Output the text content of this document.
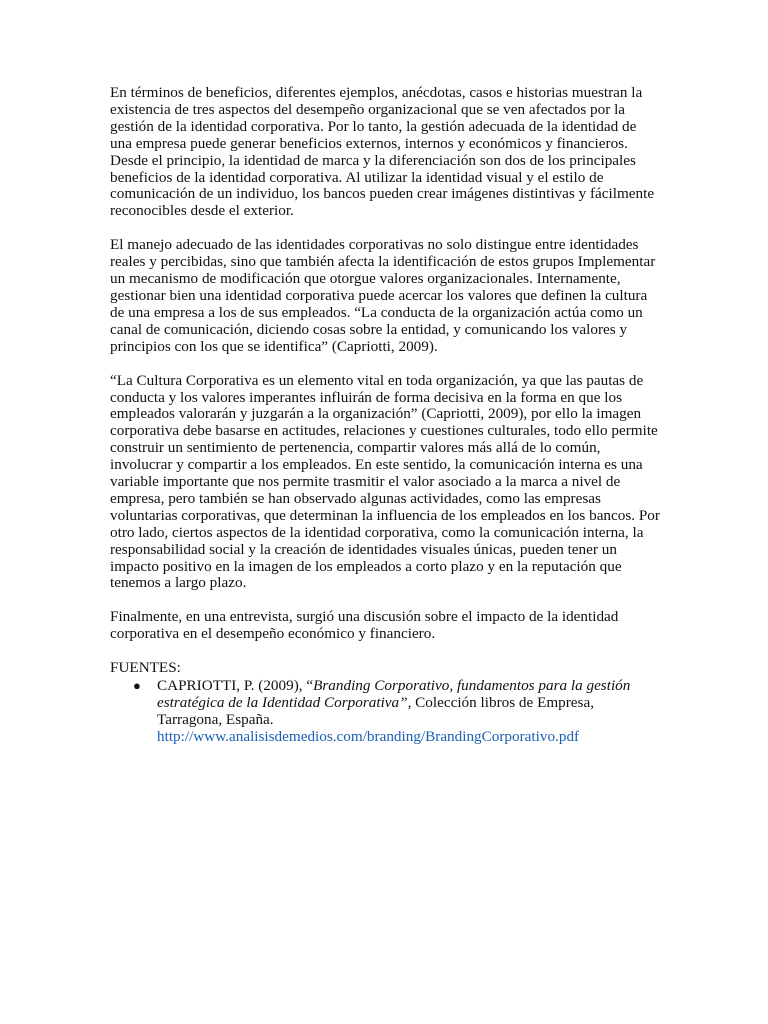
En términos de beneficios, diferentes ejemplos, anécdotas, casos e historias muestran la existencia de tres aspectos del desempeño organizacional que se ven afectados por la gestión de la identidad corporativa. Por lo tanto, la gestión adecuada de la identidad de una empresa puede generar beneficios externos, internos y económicos y financieros. Desde el principio, la identidad de marca y la diferenciación son dos de los principales beneficios de la identidad corporativa. Al utilizar la identidad visual y el estilo de comunicación de un individuo, los bancos pueden crear imágenes distintivas y fácilmente reconocibles desde el exterior.

El manejo adecuado de las identidades corporativas no solo distingue entre identidades reales y percibidas, sino que también afecta la identificación de estos grupos Implementar un mecanismo de modificación que otorgue valores organizacionales. Internamente, gestionar bien una identidad corporativa puede acercar los valores que definen la cultura de una empresa a los de sus empleados. “La conducta de la organización actúa como un canal de comunicación, diciendo cosas sobre la entidad, y comunicando los valores y principios con los que se identifica” (Capriotti, 2009).

“La Cultura Corporativa es un elemento vital en toda organización, ya que las pautas de conducta y los valores imperantes influirán de forma decisiva en la forma en que los empleados valorarán y juzgarán a la organización” (Capriotti, 2009), por ello la imagen corporativa debe basarse en actitudes, relaciones y cuestiones culturales, todo ello permite construir un sentimiento de pertenencia, compartir valores más allá de lo común, involucrar y compartir a los empleados. En este sentido, la comunicación interna es una variable importante que nos permite trasmitir el valor asociado a la marca a nivel de empresa, pero también se han observado algunas actividades, como las empresas voluntarias corporativas, que determinan la influencia de los empleados en los bancos. Por otro lado, ciertos aspectos de la identidad corporativa, como la comunicación interna, la responsabilidad social y la creación de identidades visuales únicas, pueden tener un impacto positivo en la imagen de los empleados a corto plazo y en la reputación que tenemos a largo plazo.

Finalmente, en una entrevista, surgió una discusión sobre el impacto de la identidad corporativa en el desempeño económico y financiero.

FUENTES:
● CAPRIOTTI, P. (2009), “Branding Corporativo, fundamentos para la gestión estratégica de la Identidad Corporativa”, Colección libros de Empresa, Tarragona, España.
http://www.analisisdemedios.com/branding/BrandingCorporativo.pdf
